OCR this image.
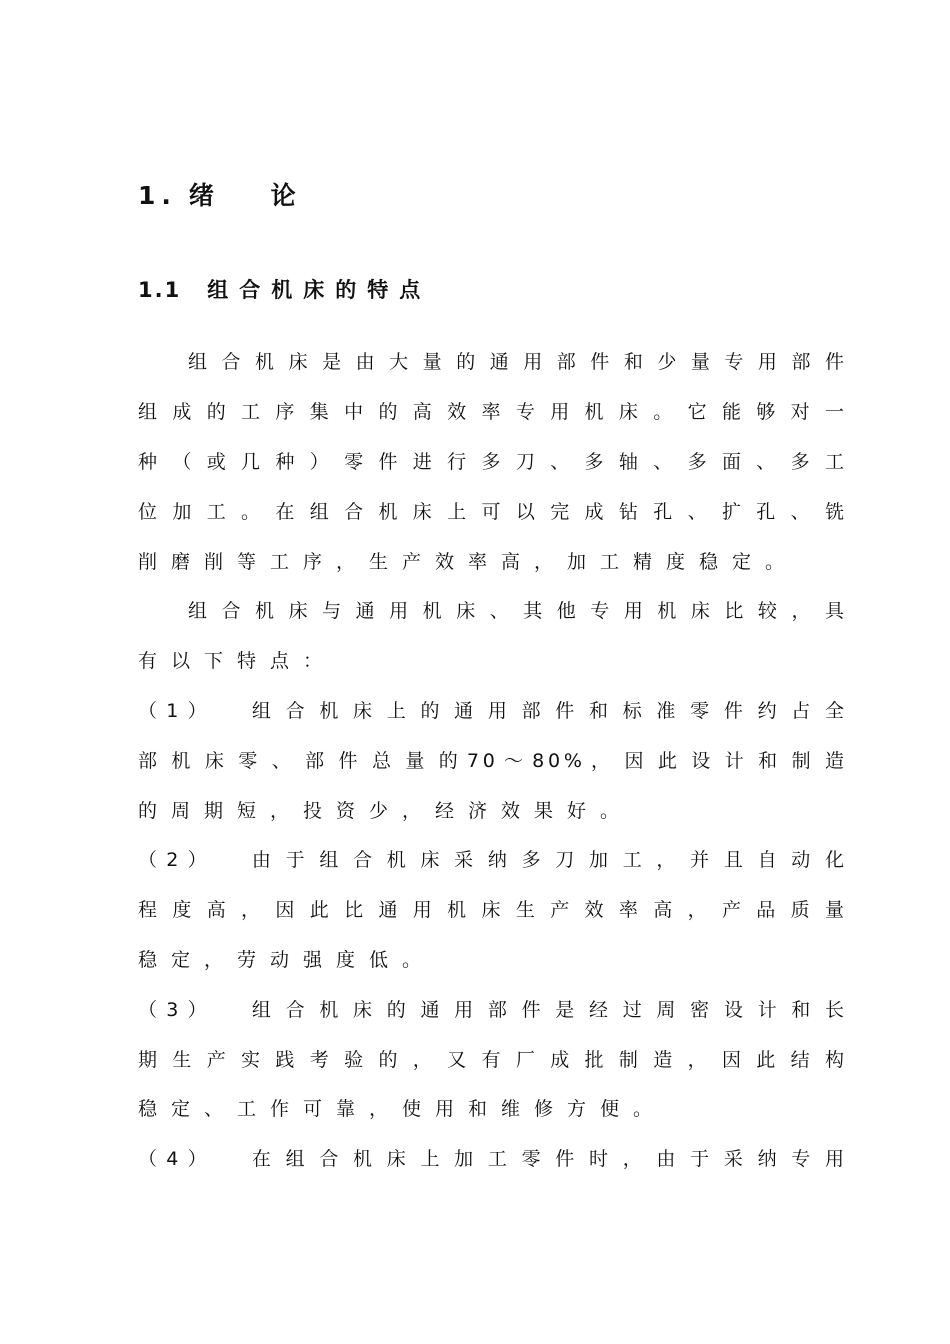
1. 绪 论
1.1 组合机床的特点
组 合 机 床 是 由 大 量 的 通 用 部 件 和 少 量 专 用 部 件
组 成 的 工 序 集 中 的 高 效 率 专 用 机 床 。 它 能 够 对 一
种 （ 或 几 种 ） 零 件 进 行 多 刀 、 多 轴 、 多 面 、 多 工
位 加 工 。 在 组 合 机 床 上 可 以 完 成 钻 孔 、 扩 孔 、 铣
削磨削等工序，生产效率高，加工精度稳定。
组 合 机 床 与 通 用 机 床 、 其 他 专 用 机 床 比 较 ， 具
有以下特点：
（ 1 ）     组 合 机 床 上 的 通 用 部 件 和 标 准 零 件 约 占 全
部 机 床 零 、 部 件 总 量 的 7 0 ～ 8 0 % ， 因 此 设 计 和 制 造
的周期短，投资少，经济效果好。
（ 2 ）     由 于 组 合 机 床 采 纳 多 刀 加 工 ， 并 且 自 动 化
程 度 高 ， 因 此 比 通 用 机 床 生 产 效 率 高 ， 产 品 质 量
稳定，劳动强度低。
（ 3 ）     组 合 机 床 的 通 用 部 件 是 经 过 周 密 设 计 和 长
期 生 产 实 践 考 验 的 ， 又 有 厂 成 批 制 造 ， 因 此 结 构
稳定、工作可靠，使用和维修方便。
（ 4 ）     在 组 合 机 床 上 加 工 零 件 时 ， 由 于 采 纳 专 用
